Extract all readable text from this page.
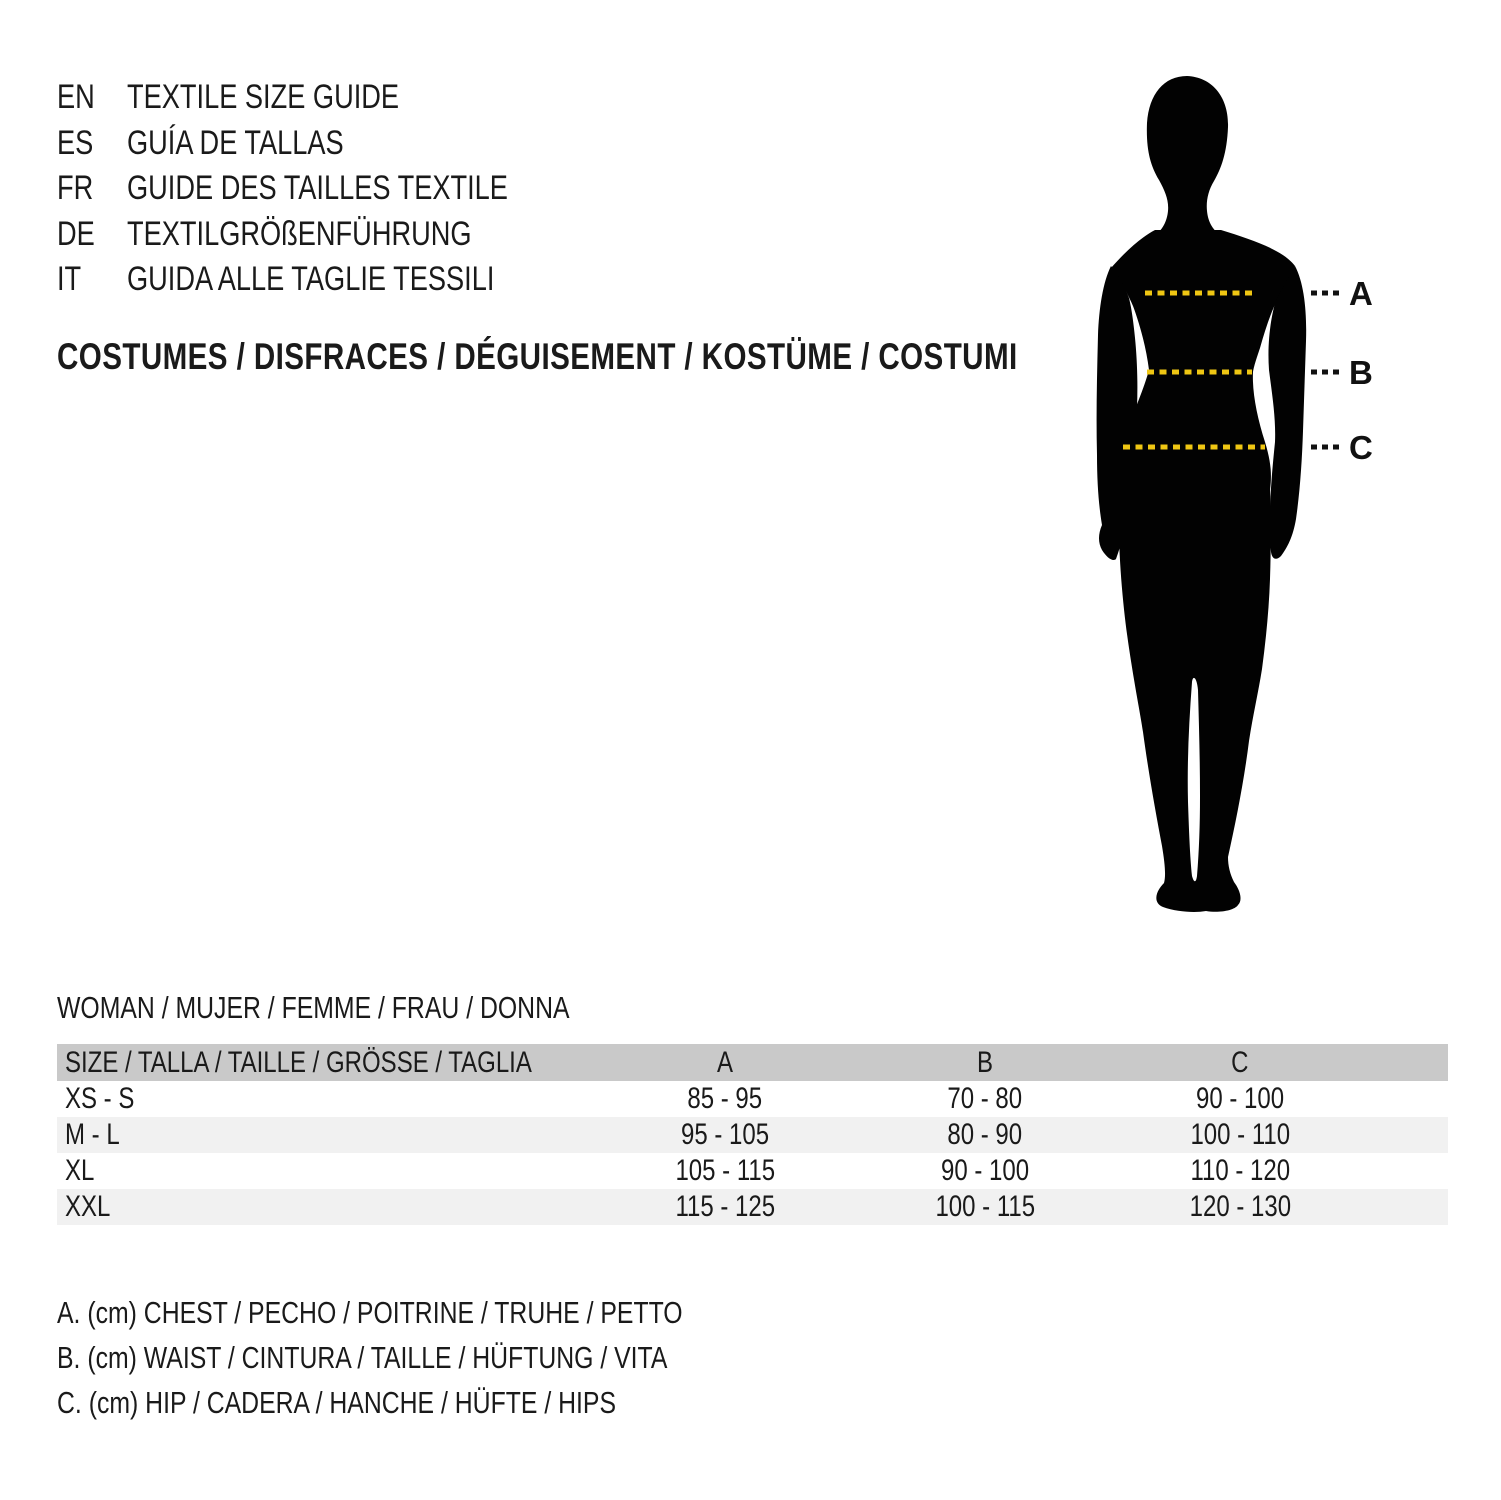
EN TEXTILE SIZE GUIDE
ES GUÍA DE TALLAS
FR GUIDE DES TAILLES TEXTILE
DE TEXTILGRÖßENFÜHRUNG
IT	GUIDA ALLE TAGLIE TESSILI
COSTUMES / DISFRACES / DÉGUISEMENT / KOSTÜME / COSTUMI
A
B
C
WOMAN / MUJER / FEMME / FRAU / DONNA
SIZE / TALLA / TAILLE / GRÖSSE / TAGLIA	A	B	C	
XS - S	85 - 95	70 - 80	90 - 100	
M - L	95 - 105	80 - 90	100 - 110	
XL	105 - 115	90 - 100	110 - 120	
XXL	115 - 125	100 - 115	120 - 130	
A. (cm) CHEST / PECHO / POITRINE / TRUHE / PETTO
B. (cm) WAIST / CINTURA / TAILLE / HÜFTUNG / VITA
C. (cm) HIP / CADERA / HANCHE / HÜFTE / HIPS
